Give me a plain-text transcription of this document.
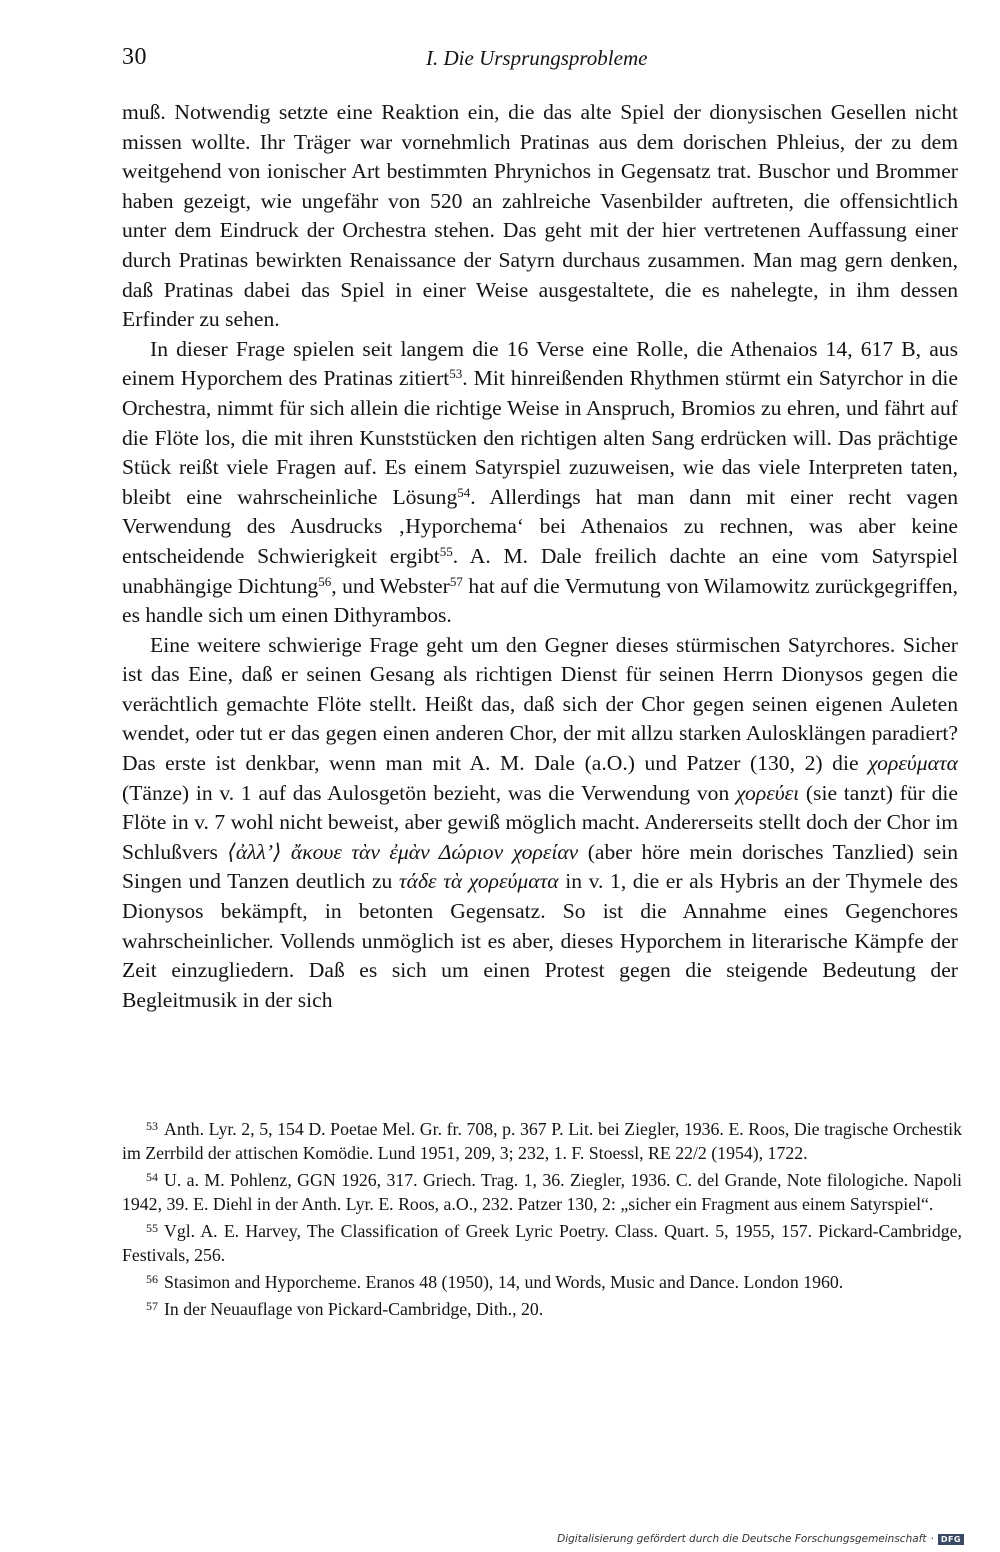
30	I. Die Ursprungsprobleme

muß. Notwendig setzte eine Reaktion ein, die das alte Spiel der dionysischen Gesellen nicht missen wollte. Ihr Träger war vornehmlich Pratinas aus dem dorischen Phleius, der zu dem weitgehend von ionischer Art bestimmten Phrynichos in Gegensatz trat. Buschor und Brommer haben gezeigt, wie ungefähr von 520 an zahlreiche Vasenbilder auftreten, die offensichtlich unter dem Eindruck der Orchestra stehen. Das geht mit der hier vertretenen Auffassung einer durch Pratinas bewirkten Renaissance der Satyrn durchaus zusammen. Man mag gern denken, daß Pratinas dabei das Spiel in einer Weise ausgestaltete, die es nahelegte, in ihm dessen Erfinder zu sehen.

In dieser Frage spielen seit langem die 16 Verse eine Rolle, die Athenaios 14, 617 B, aus einem Hyporchem des Pratinas zitiert$^{53}$. Mit hinreißenden Rhythmen stürmt ein Satyrchor in die Orchestra, nimmt für sich allein die richtige Weise in Anspruch, Bromios zu ehren, und fährt auf die Flöte los, die mit ihren Kunststücken den richtigen alten Sang erdrücken will. Das prächtige Stück reißt viele Fragen auf. Es einem Satyrspiel zuzuweisen, wie das viele Interpreten taten, bleibt eine wahrscheinliche Lösung$^{54}$. Allerdings hat man dann mit einer recht vagen Verwendung des Ausdrucks ‚Hyporchema‘ bei Athenaios zu rechnen, was aber keine entscheidende Schwierigkeit ergibt$^{55}$. A. M. Dale freilich dachte an eine vom Satyrspiel unabhängige Dichtung$^{56}$, und Webster$^{57}$ hat auf die Vermutung von Wilamowitz zurückgegriffen, es handle sich um einen Dithyrambos.

Eine weitere schwierige Frage geht um den Gegner dieses stürmischen Satyrchores. Sicher ist das Eine, daß er seinen Gesang als richtigen Dienst für seinen Herrn Dionysos gegen die verächtlich gemachte Flöte stellt. Heißt das, daß sich der Chor gegen seinen eigenen Auleten wendet, oder tut er das gegen einen anderen Chor, der mit allzu starken Aulosklängen paradiert? Das erste ist denkbar, wenn man mit A. M. Dale (a.O.) und Patzer (130, 2) die χορεύματα (Tänze) in v. 1 auf das Aulosgetön bezieht, was die Verwendung von χορεύει (sie tanzt) für die Flöte in v. 7 wohl nicht beweist, aber gewiß möglich macht. Andererseits stellt doch der Chor im Schlußvers ⟨ἀλλ’⟩ ἄκουε τὰν ἐμὰν Δώριον χορείαν (aber höre mein dorisches Tanzlied) sein Singen und Tanzen deutlich zu τάδε τὰ χορεύματα in v. 1, die er als Hybris an der Thymele des Dionysos bekämpft, in betonten Gegensatz. So ist die Annahme eines Gegenchores wahrscheinlicher. Vollends unmöglich ist es aber, dieses Hyporchem in literarische Kämpfe der Zeit einzugliedern. Daß es sich um einen Protest gegen die steigende Bedeutung der Begleitmusik in der sich

$^{53}$ Anth. Lyr. 2, 5, 154 D. Poetae Mel. Gr. fr. 708, p. 367 P. Lit. bei Ziegler, 1936. E. Roos, Die tragische Orchestik im Zerrbild der attischen Komödie. Lund 1951, 209, 3; 232, 1. F. Stoessl, RE 22/2 (1954), 1722.

$^{54}$ U. a. M. Pohlenz, GGN 1926, 317. Griech. Trag. 1, 36. Ziegler, 1936. C. del Grande, Note filologiche. Napoli 1942, 39. E. Diehl in der Anth. Lyr. E. Roos, a.O., 232. Patzer 130, 2: „sicher ein Fragment aus einem Satyrspiel“.

$^{55}$ Vgl. A. E. Harvey, The Classification of Greek Lyric Poetry. Class. Quart. 5, 1955, 157. Pickard-Cambridge, Festivals, 256.

$^{56}$ Stasimon and Hyporcheme. Eranos 48 (1950), 14, und Words, Music and Dance. London 1960.

$^{57}$ In der Neuauflage von Pickard-Cambridge, Dith., 20.

Digitalisierung gefördert durch die Deutsche Forschungsgemeinschaft · DFG
